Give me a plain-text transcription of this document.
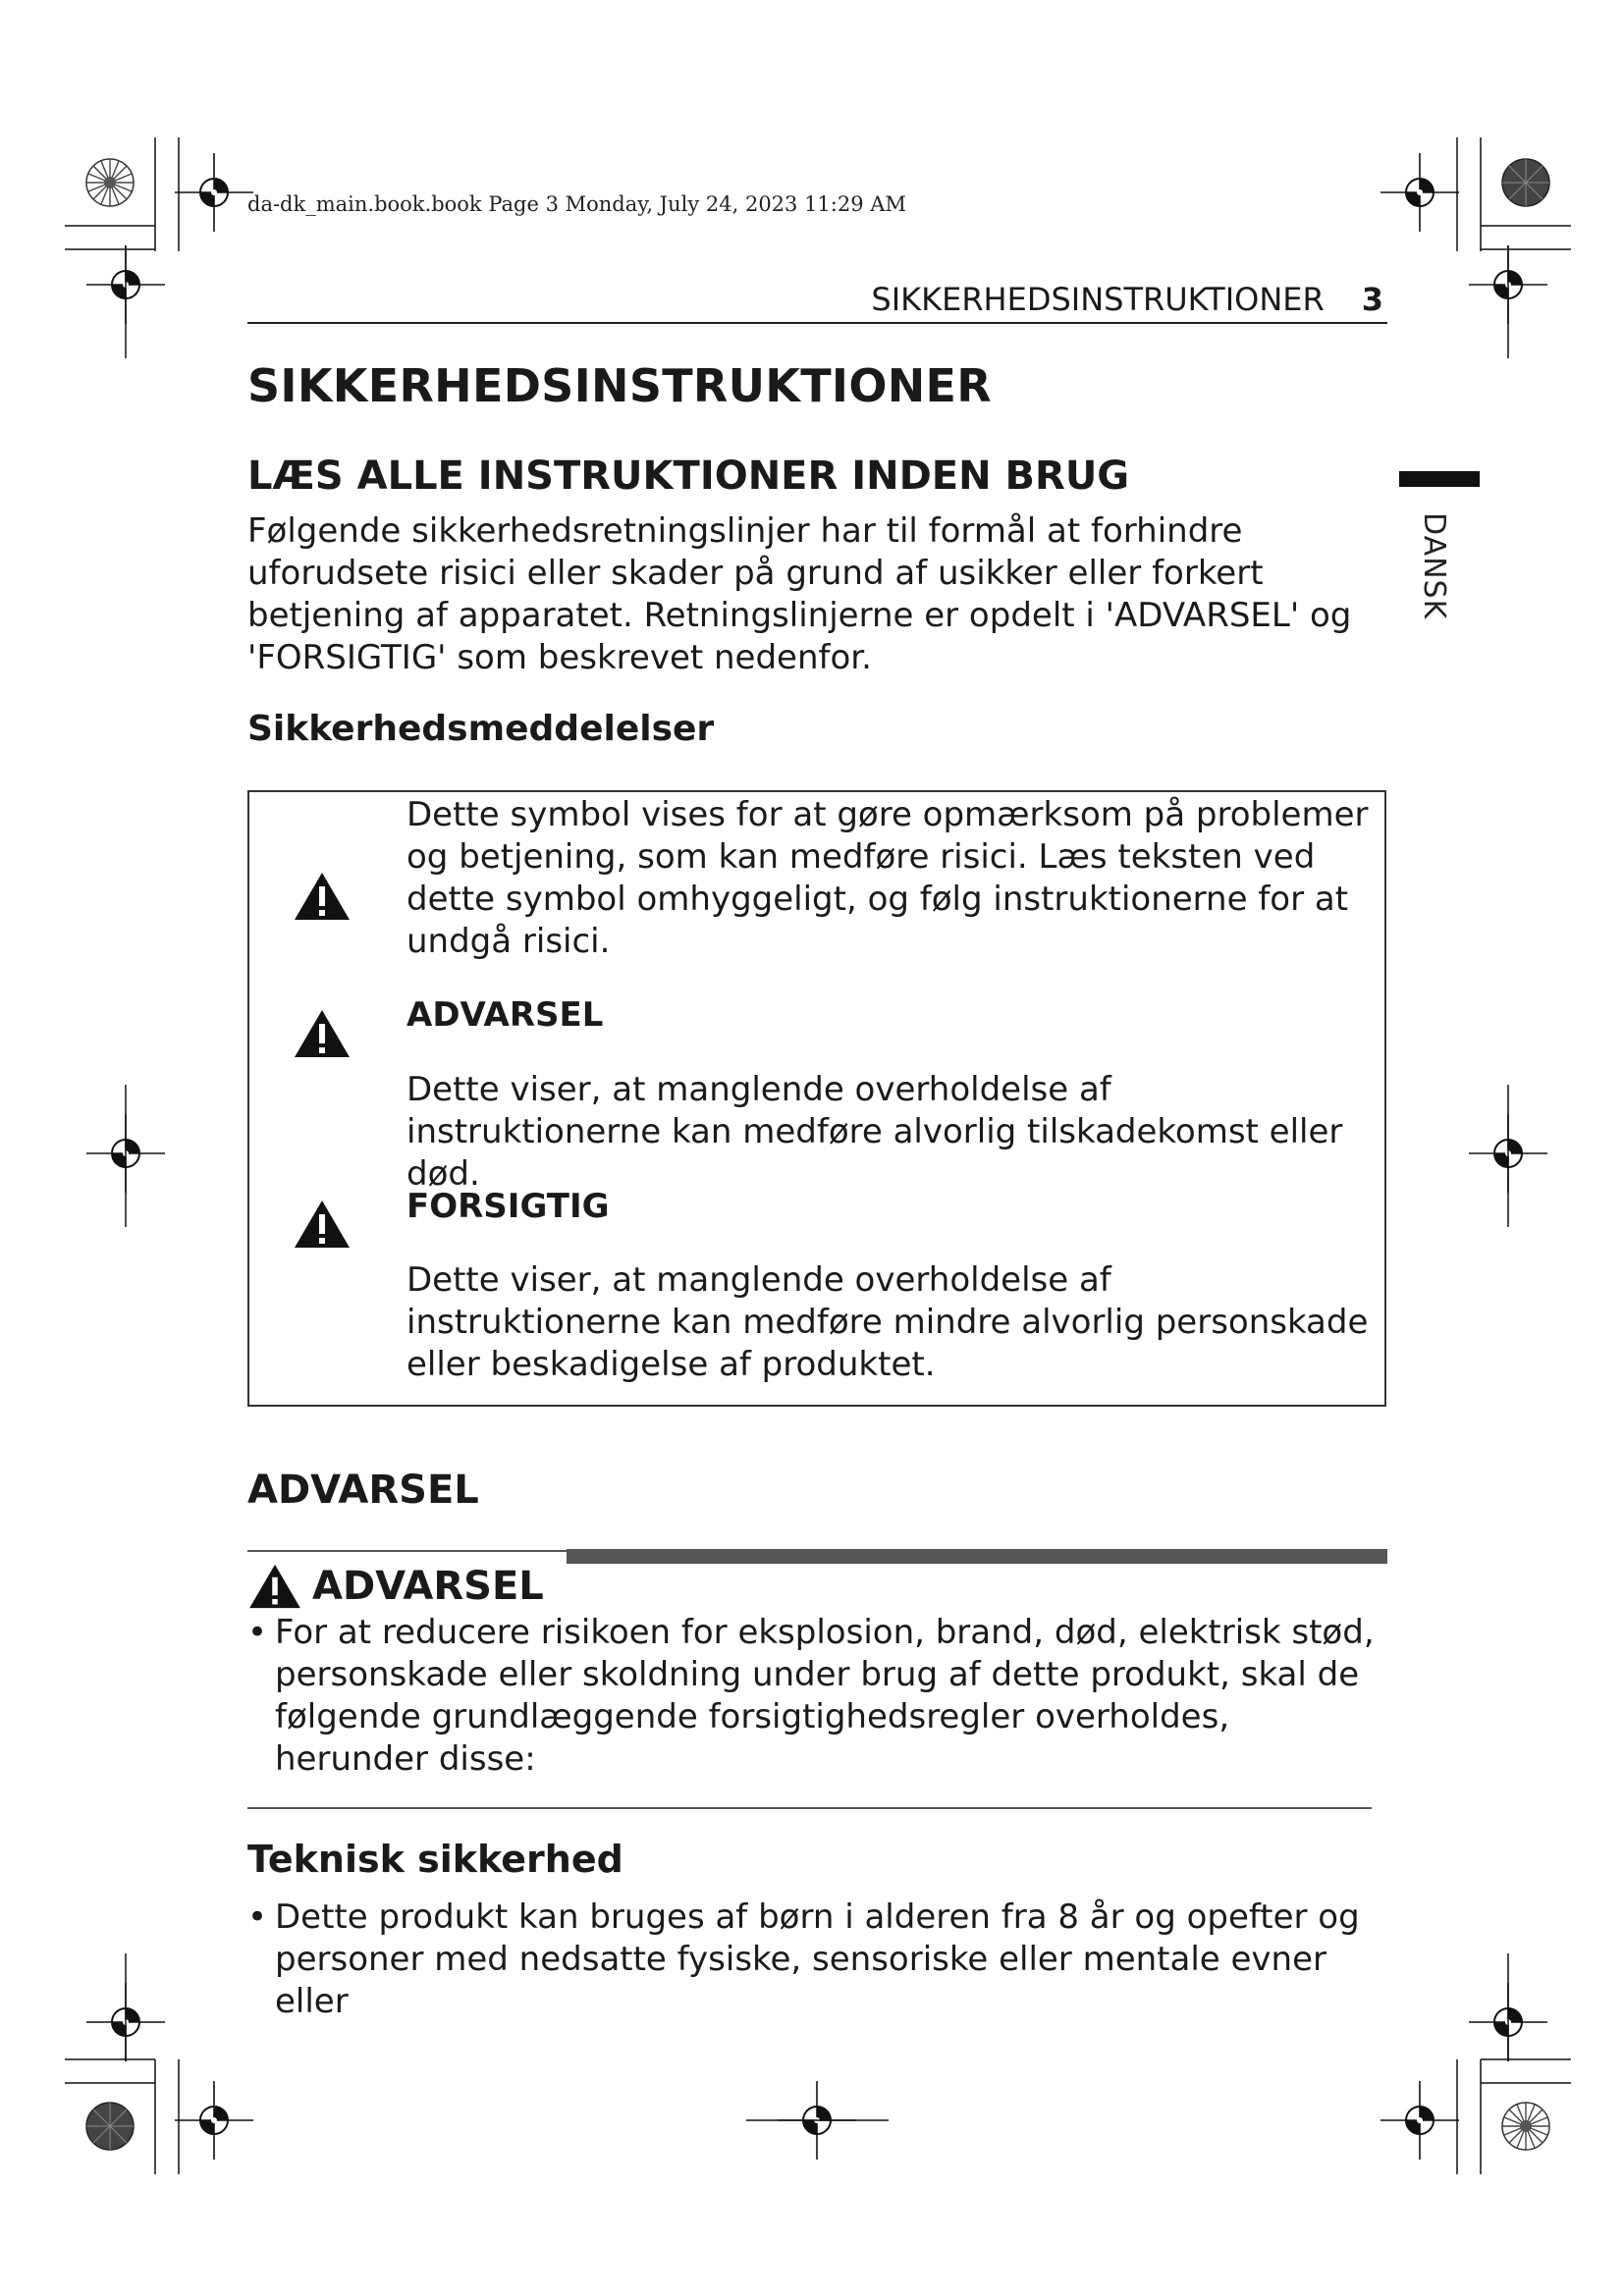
da-dk_main.book.book Page 3 Monday, July 24, 2023 11:29 AM
SIKKERHEDSINSTRUKTIONER 3
DANSK
SIKKERHEDSINSTRUKTIONER
LÆS ALLE INSTRUKTIONER INDEN BRUG

Følgende sikkerhedsretningslinjer har til formål at forhindre uforudsete risici eller skader på grund af usikker eller forkert betjening af apparatet. Retningslinjerne er opdelt i 'ADVARSEL' og 'FORSIGTIG' som beskrevet nedenfor.

Sikkerhedsmeddelelser
Dette symbol vises for at gøre opmærksom på problemer og betjening, som kan medføre risici. Læs teksten ved dette symbol omhyggeligt, og følg instruktionerne for at undgå risici.
ADVARSEL
Dette viser, at manglende overholdelse af instruktionerne kan medføre alvorlig tilskadekomst eller død.
FORSIGTIG
Dette viser, at manglende overholdelse af instruktionerne kan medføre mindre alvorlig personskade eller beskadigelse af produktet.
ADVARSEL
ADVARSEL
• For at reducere risikoen for eksplosion, brand, død, elektrisk stød, personskade eller skoldning under brug af dette produkt, skal de følgende grundlæggende forsigtighedsregler overholdes, herunder disse:
Teknisk sikkerhed
• Dette produkt kan bruges af børn i alderen fra 8 år og opefter og personer med nedsatte fysiske, sensoriske eller mentale evner eller
